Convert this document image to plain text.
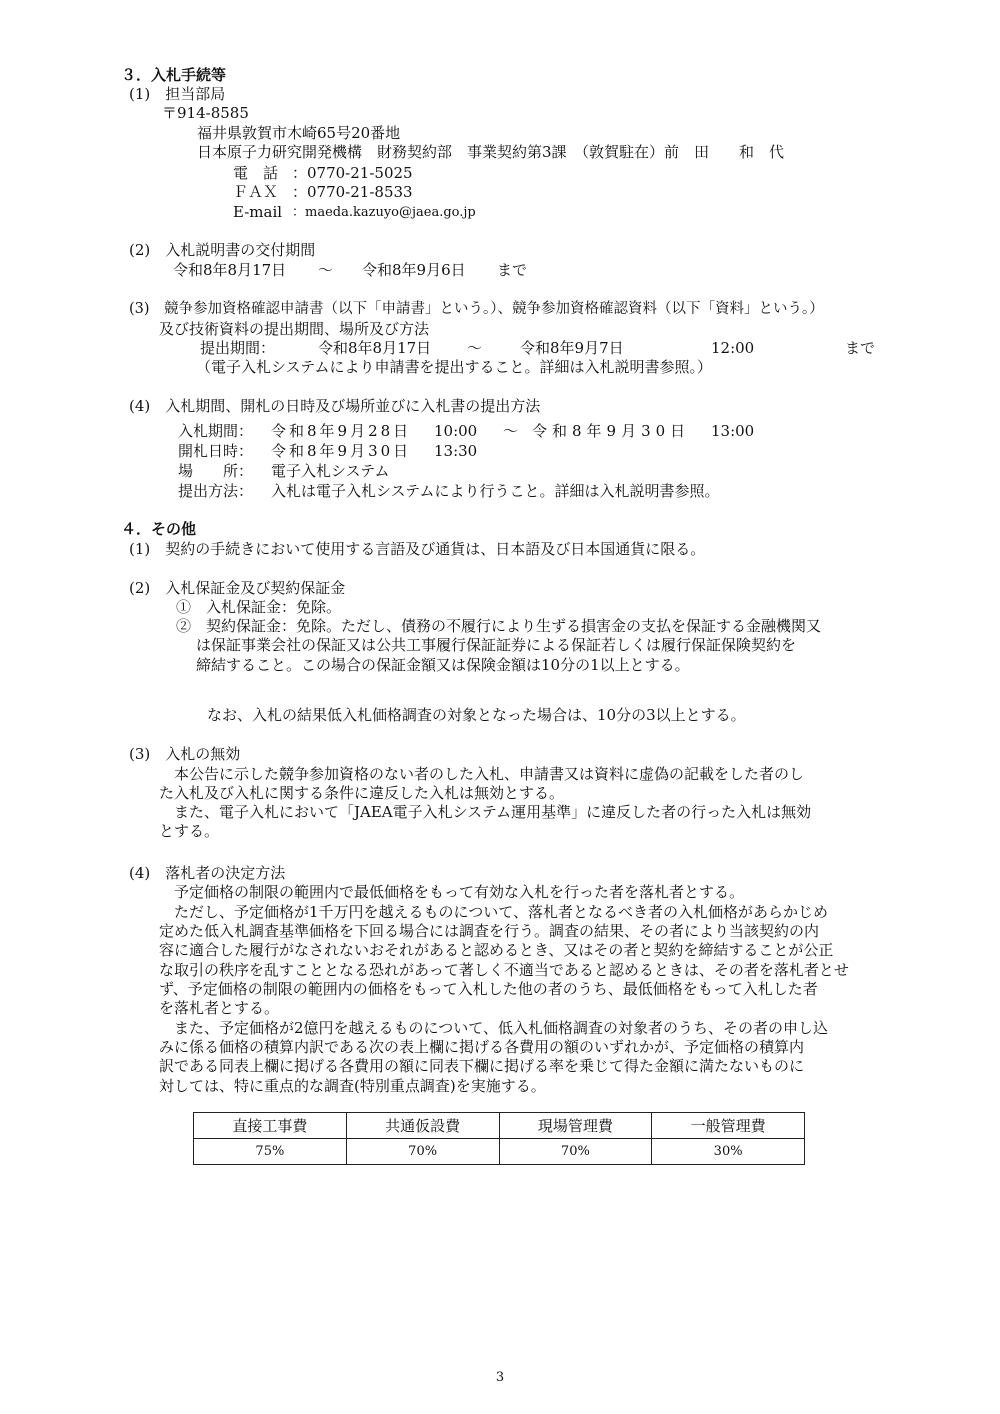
３．入札手続等
(1)　担当部局
〒914-8585
福井県敦賀市木崎65号20番地
日本原子力研究開発機構　財務契約部　事業契約第3課　（敦賀駐在）前　田　　和　代
電　話 ：0770-21-5025
ＦＡＸ ：0770-21-8533
E-mail ：maeda.kazuyo@jaea.go.jp
(2)　入札説明書の交付期間
令和8年8月17日 ～ 令和8年9月6日 まで
(3)　競争参加資格確認申請書（以下「申請書」という。）、競争参加資格確認資料（以下「資料」という。）
及び技術資料の提出期間、場所及び方法
提出期間：	令和8年8月17日 ～	令和8年9月7日	12:00	まで
（電子入札システムにより申請書を提出すること。詳細は入札説明書参照。）
(4)　入札期間、開札の日時及び場所並びに入札書の提出方法
入札期間： 令和8年9月28日 10:00 ～ 令和8年9月30日 13:00
開札日時： 令和8年9月30日 13:30
場　　所： 電子入札システム
提出方法： 入札は電子入札システムにより行うこと。詳細は入札説明書参照。
４．その他
(1)　契約の手続きにおいて使用する言語及び通貨は、日本語及び日本国通貨に限る。
(2)　入札保証金及び契約保証金
①　入札保証金：免除。
②　契約保証金：免除。ただし、債務の不履行により生ずる損害金の支払を保証する金融機関又
は保証事業会社の保証又は公共工事履行保証証券による保証若しくは履行保証保険契約を
締結すること。この場合の保証金額又は保険金額は10分の1以上とする。
なお、入札の結果低入札価格調査の対象となった場合は、10分の3以上とする。
(3)　入札の無効
本公告に示した競争参加資格のない者のした入札、申請書又は資料に虚偽の記載をした者のし
た入札及び入札に関する条件に違反した入札は無効とする。
また、電子入札において「JAEA電子入札システム運用基準」に違反した者の行った入札は無効
とする。
(4)　落札者の決定方法
予定価格の制限の範囲内で最低価格をもって有効な入札を行った者を落札者とする。
ただし、予定価格が1千万円を越えるものについて、落札者となるべき者の入札価格があらかじめ
定めた低入札調査基準価格を下回る場合には調査を行う。調査の結果、その者により当該契約の内
容に適合した履行がなされないおそれがあると認めるとき、又はその者と契約を締結することが公正
な取引の秩序を乱すこととなる恐れがあって著しく不適当であると認めるときは、その者を落札者とせ
ず、予定価格の制限の範囲内の価格をもって入札した他の者のうち、最低価格をもって入札した者
を落札者とする。
また、予定価格が2億円を越えるものについて、低入札価格調査の対象者のうち、その者の申し込
みに係る価格の積算内訳である次の表上欄に掲げる各費用の額のいずれかが、予定価格の積算内
訳である同表上欄に掲げる各費用の額に同表下欄に掲げる率を乗じて得た金額に満たないものに
対しては、特に重点的な調査(特別重点調査)を実施する。
直接工事費	共通仮設費	現場管理費	一般管理費
75%	70%	70%	30%
3
